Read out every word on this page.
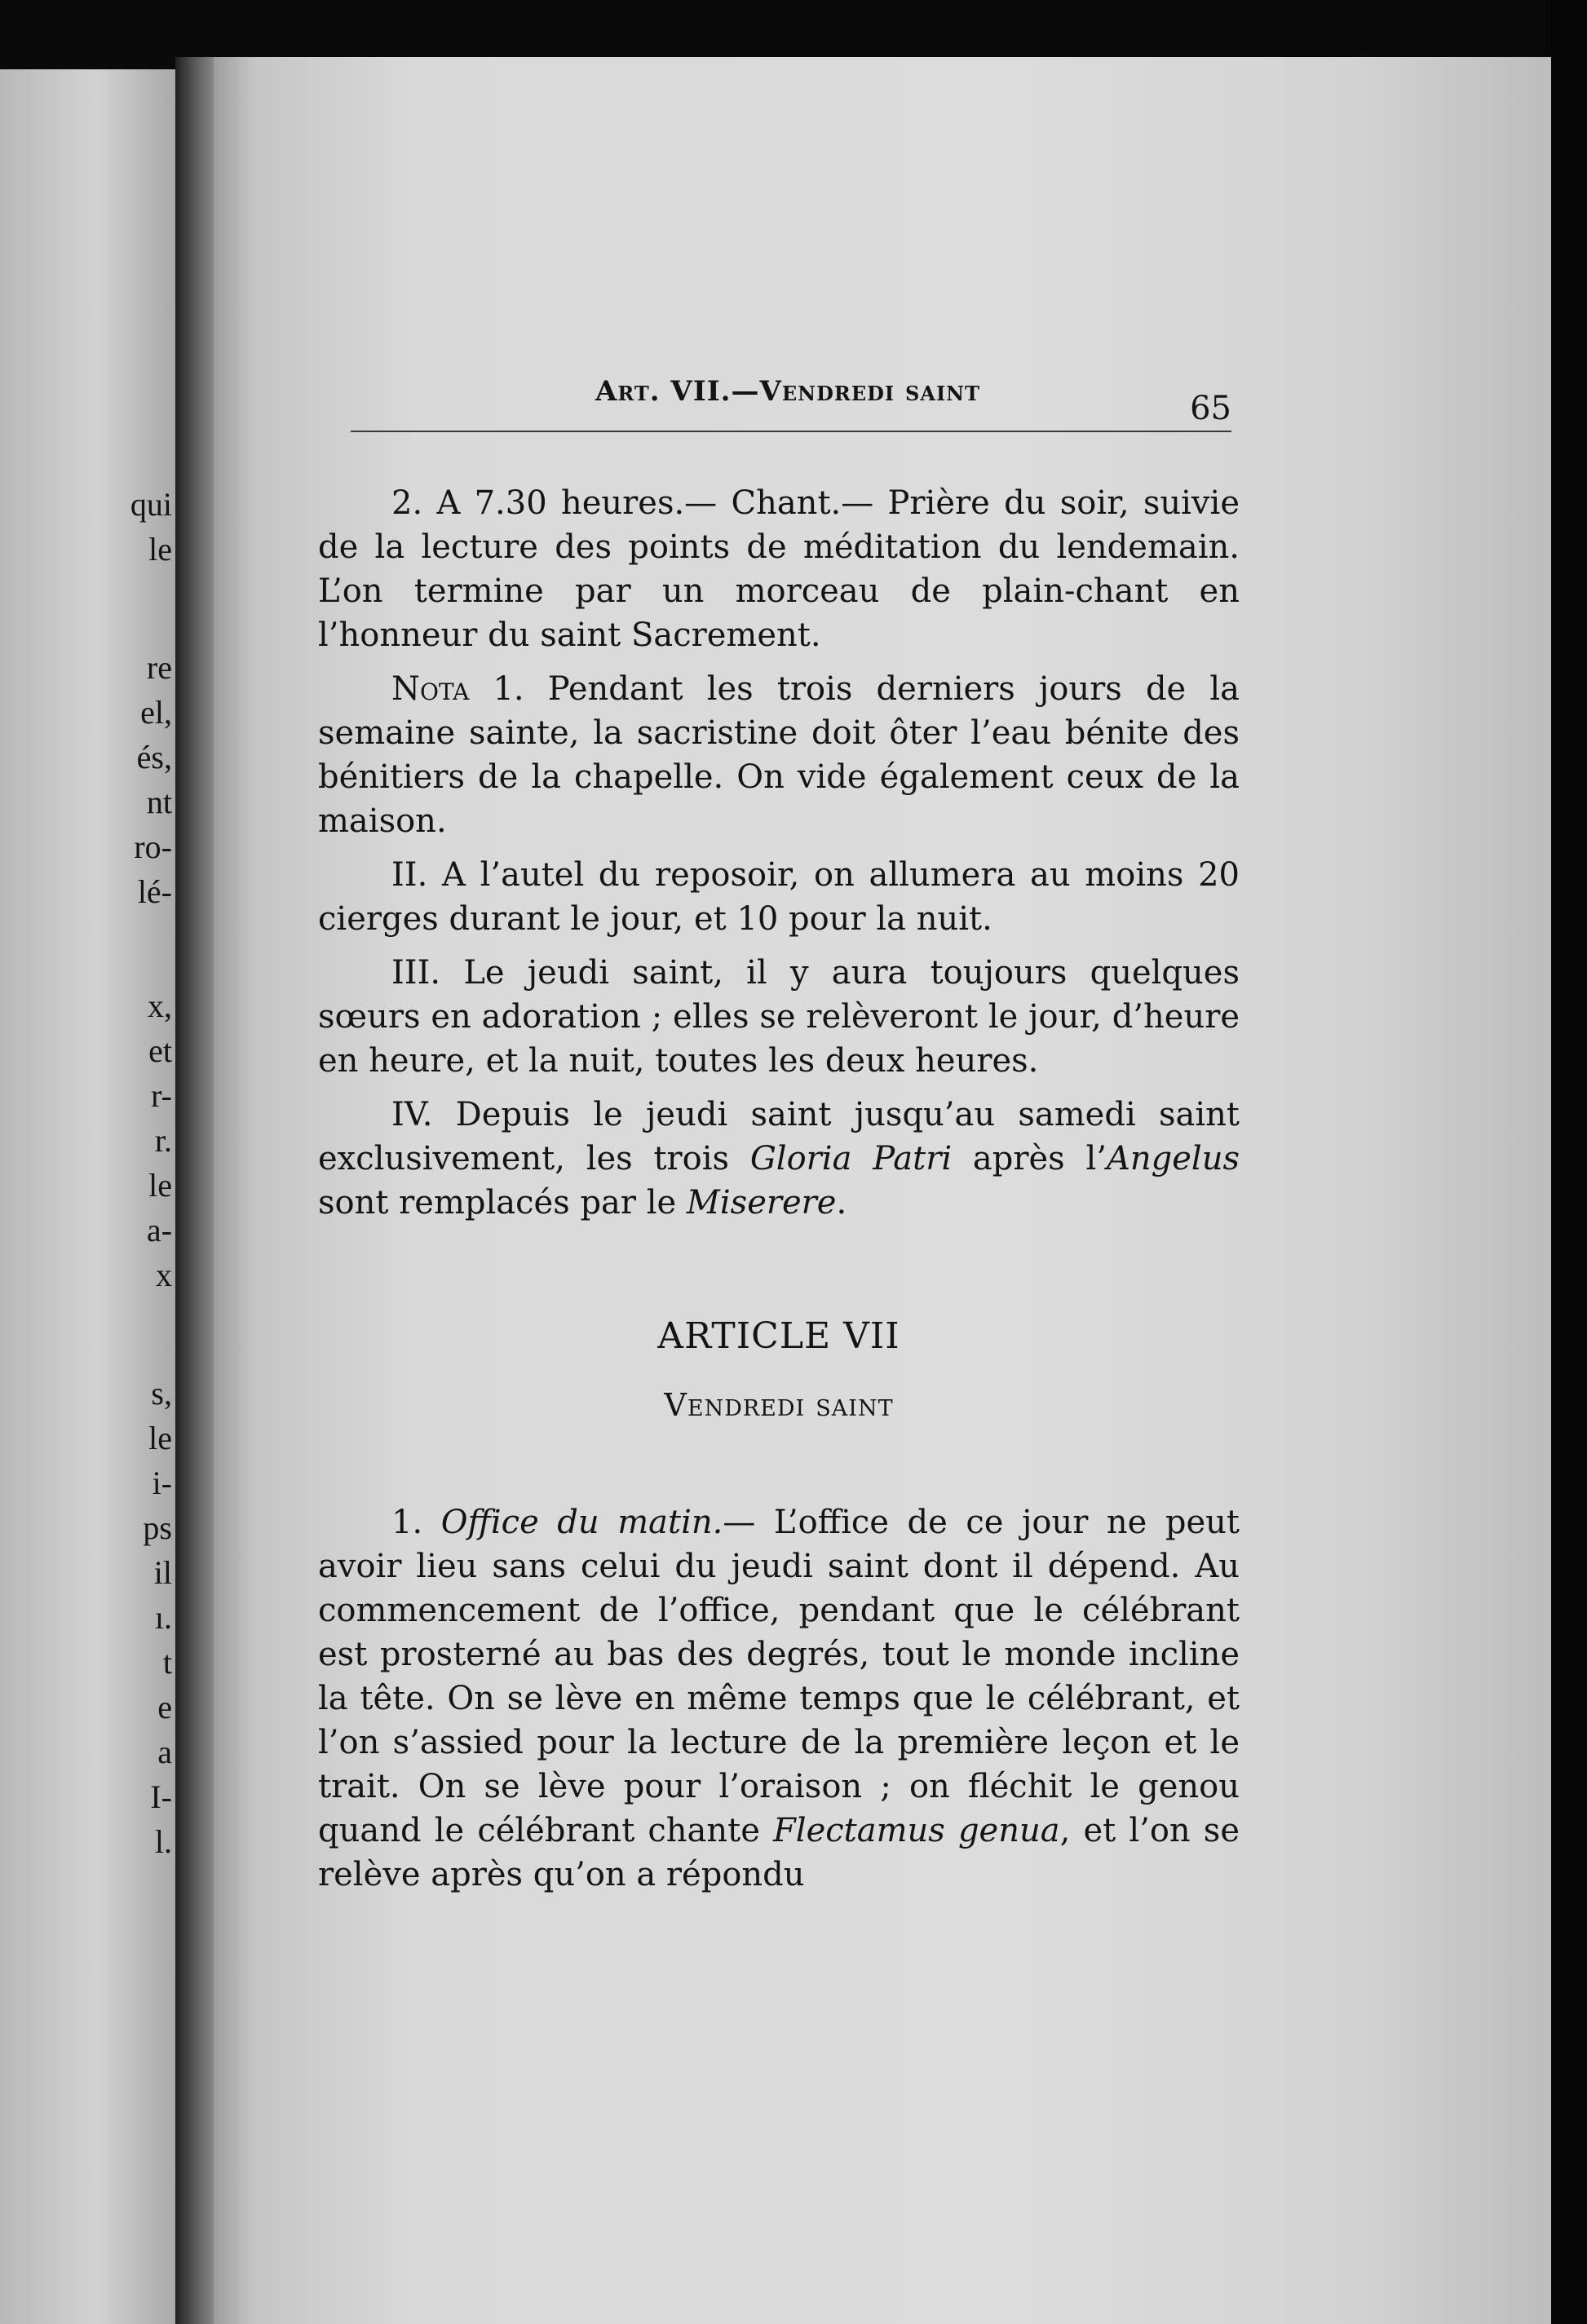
qui

le

re

el,

és,

nt

ro-

lé-

x,

et

r-

r.

le

a-

x

s,

le

i-

ps

il

ı.

t

e

a

I-

l.

Art. VII.—Vendredi saint	65

2. A 7.30 heures.— Chant.— Prière du soir, suivie de la lecture des points de méditation du lendemain. L’on termine par un morceau de plain-chant en l’honneur du saint Sacrement.

Nota 1. Pendant les trois derniers jours de la semaine sainte, la sacristine doit ôter l’eau bénite des bénitiers de la chapelle. On vide également ceux de la maison.

II. A l’autel du reposoir, on allumera au moins 20 cierges durant le jour, et 10 pour la nuit.

III. Le jeudi saint, il y aura toujours quelques sœurs en adoration ; elles se relèveront le jour, d’heure en heure, et la nuit, toutes les deux heures.

IV. Depuis le jeudi saint jusqu’au samedi saint exclusivement, les trois Gloria Patri après l’Angelus sont remplacés par le Miserere.

ARTICLE VII
Vendredi saint

1. Office du matin.— L’office de ce jour ne peut avoir lieu sans celui du jeudi saint dont il dépend. Au commencement de l’office, pendant que le célébrant est prosterné au bas des degrés, tout le monde incline la tête. On se lève en même temps que le célébrant, et l’on s’assied pour la lecture de la première leçon et le trait. On se lève pour l’oraison ; on fléchit le genou quand le célébrant chante Flectamus genua, et l’on se relève après qu’on a répondu
